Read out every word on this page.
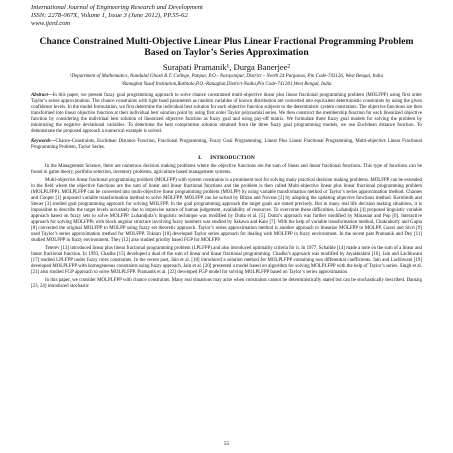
International Journal of Engineering Research and Development
ISSN: 2278-067X, Volume 1, Issue 3 (June 2012), PP.55-62
www.ijerd.com
Chance Constrained Multi-Objective Linear Plus Linear Fractional Programming Problem Based on Taylor’s Series Approximation
Surapati Pramanik¹, Durga Banerjee²
¹Department of Mathematics, Nandalal Ghosh B.T. College, Panpur, P.O.- Narayanpur, District – North 24 Parganas, Pin Code-743126, West Bengal, India
²Ranaghat Yusuf Institution,Rathtala,P.O.-Ranaghat,District-Nadia,Pin Code-741201,West Bengal, India
Abstract—In this paper, we present fuzzy goal programming approach to solve chance constrained multi-objective linear plus linear fractional programming problem (MOLFPP) using first order Taylor’s series approximation. The chance constraints with right hand parameters as random variables of known distribution are converted into equivalent deterministic constraints by using the given confidence levels. In the model formulation, we first determine the individual best solution for each objective function subjects to the deterministic system constraints. The objective functions are then transformed into linear objective function at their individual best solution point by using first order Taylor polynomial series. We then construct the membership function for each linearized objective function by considering the individual best solution of linearized objective function as fuzzy goal and using pay-off matrix. We formulate three fuzzy goal models for solving the problem by minimizing the negative deviational variables. To determine the best compromise solution obtained from the three fuzzy goal programming models, we use Euclidean distance function. To demonstrate the proposed approach a numerical example is solved.
Keywords—Chance-Constraints, Euclidean Distance Function, Fractional Programming, Fuzzy Goal Programming, Linear Plus Linear Fractional Programming, Multi-objective Linear Fractional Programming Problem, Taylor Series.
I. INTRODUCTION
In the Management Science, there are numerous decision making problems where the objective functions are the sum of linear and linear fractional functions. This type of functions can be found in game theory, portfolio selection, inventory problems, agriculture based management systems.
Multi-objective linear fractional programming problem (MOLFPP) with system constraints is a prominent tool for solving many practical decision making problems. MOLFPP can be extended in the field where the objective functions are the sum of linear and linear fractional functions and the problem is then called Multi-objective linear plus linear fractional programming problem (MOLPLFPP). MOLPLFPP can be converted into multi-objective linear programming problem (MOLPP) by using variable transformation method or Taylor’s series approximation method. Charnes and Cooper [1] proposed variable transformation method to solve MOLFPP. MOLFPP can be solved by Bitran and Noveas [2] by adopting the updating objective functions method. Kornbluth and Steuer [3] studied goal programming approach for solving MOLFPP. In the goal programming approach the target goals are stated precisely. But in many real life decision making situations, it is impossible to describe the target levels accurately due to imprecise nature of human judgement, availability of resources. To overcome these difficulties, Luhandjula [4] proposed linguistic variable approach based on fuzzy sets to solve MOLFPP. Luhandjula’s linguistic technique was modified by Dutta et al. [5]. Dutta’s approach was further modified by Minasian and Pop [6]. Interactive approach for solving MOLFPPs with block angular structure involving fuzzy numbers was studied by Sakawa and Kato [7]. With the help of variable transformation method, Chakraborty and Gupta [8] converted the original MOLFPP to MOLPP using fuzzy set theoretic approach. Taylor’s series approximation method is another approach to linearize MOLFPP to MOLPP. Guzel and Sivri [9] used Taylor’s series approximation method for MOLFPP. Toksarı [10] developed Taylor series approach for dealing with MOLFPP in fuzzy environment. In the recent past Pramanik and Dey [11] studied MOLFPP in fuzzy environment. They [12] also studied priority based FGP for MOLFPP.
Teterev [13] introduced linear plus linear fractional programming problem (LPLFPP) and also introduced optimality criteria for it. In 1977, Schaible [14] made a note on the sum of a linear and linear fractional function. In 1993, Chadha [15] developed a dual of the sum of linear and linear fractional programming. Chadha’s approach was modified by Jayalakshmi [16]. Jain and Lachhwani [17] studied LPLFPP under fuzzy rules constraints. In the recent past, Jain et al. [18] introduced a solution method for MOLPLFPP containing non differential coefficients. Jain and Lachhwani [19] developed MOLPLFPP with homogeneous constraints using fuzzy approach. Jain et al. [20] presented a model based on algorithm for solving MOLPLFPP with the help of Taylor’s series. Singh et al. [21] also studied FGP approach to solve MOLPLFPP. Pramanik et al. [22] developed FGP model for solving MOLPLFPP based on Taylor’s series approximation.
In this paper, we consider MOLPLFPP with chance constraints. Many real situations may arise when constraints cannot be deterministically stated but can be stochastically described. Dantzig [23, 24] introduced stochastic
55
